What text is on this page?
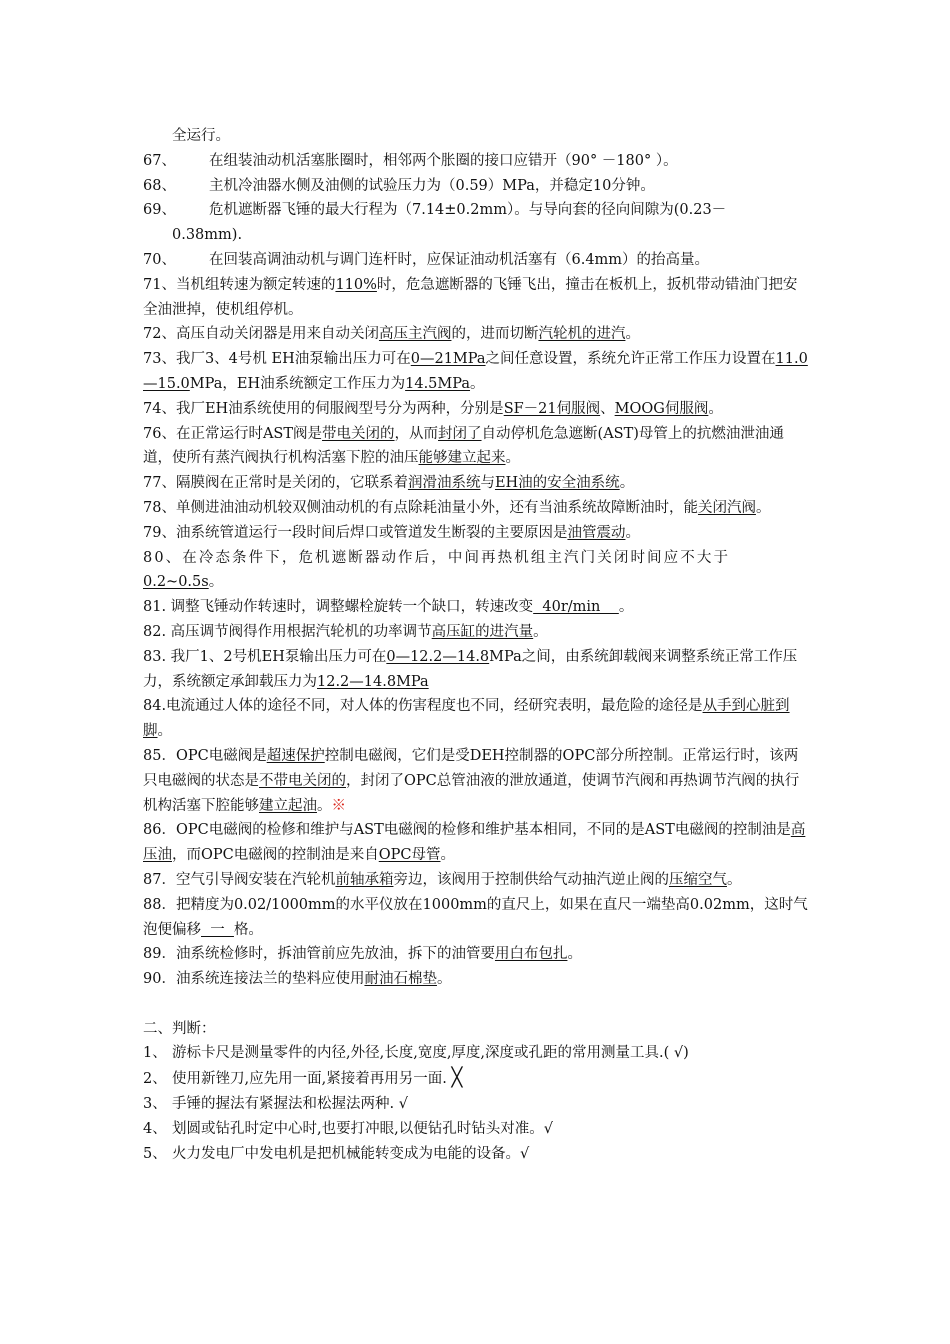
全运行。

67、 在组装油动机活塞胀圈时，相邻两个胀圈的接口应错开（90° －180° ）。

68、 主机冷油器水侧及油侧的试验压力为（0.59）MPa，并稳定10分钟。

69、 危机遮断器飞锤的最大行程为（7.14±0.2mm）。与导向套的径向间隙为(0.23－

0.38mm).

70、 在回装高调油动机与调门连杆时，应保证油动机活塞有（6.4mm）的抬高量。

71、当机组转速为额定转速的110%时，危急遮断器的飞锤飞出，撞击在板机上，扳机带动错油门把安全油泄掉，使机组停机。

72、高压自动关闭器是用来自动关闭高压主汽阀的，进而切断汽轮机的进汽。

73、我厂3、4号机 EH油泵输出压力可在0—21MPa之间任意设置，系统允许正常工作压力设置在11.0—15.0MPa，EH油系统额定工作压力为14.5MPa。

74、我厂EH油系统使用的伺服阀型号分为两种，分别是SF－21伺服阀、MOOG伺服阀。

76、在正常运行时AST阀是带电关闭的，从而封闭了自动停机危急遮断(AST)母管上的抗燃油泄油通道，使所有蒸汽阀执行机构活塞下腔的油压能够建立起来。

77、隔膜阀在正常时是关闭的，它联系着润滑油系统与EH油的安全油系统。

78、单侧进油油动机较双侧油动机的有点除耗油量小外，还有当油系统故障断油时，能关闭汽阀。

79、油系统管道运行一段时间后焊口或管道发生断裂的主要原因是油管震动。

80、在冷态条件下，危机遮断器动作后，中间再热机组主汽门关闭时间应不大于0.2~0.5s。

81. 调整飞锤动作转速时，调整螺栓旋转一个缺口，转速改变  40r/min    。

82. 高压调节阀得作用根据汽轮机的功率调节高压缸的进汽量。

83. 我厂1、2号机EH泵输出压力可在0—12.2—14.8MPa之间，由系统卸载阀来调整系统正常工作压力，系统额定承卸载压力为12.2—14.8MPa

84.电流通过人体的途径不同，对人体的伤害程度也不同，经研究表明，最危险的途径是从手到心脏到脚。

85．OPC电磁阀是超速保护控制电磁阀，它们是受DEH控制器的OPC部分所控制。正常运行时，该两只电磁阀的状态是不带电关闭的，封闭了OPC总管油液的泄放通道，使调节汽阀和再热调节汽阀的执行机构活塞下腔能够建立起油。※

86．OPC电磁阀的检修和维护与AST电磁阀的检修和维护基本相同，不同的是AST电磁阀的控制油是高压油，而OPC电磁阀的控制油是来自OPC母管。

87．空气引导阀安装在汽轮机前轴承箱旁边，该阀用于控制供给气动抽汽逆止阀的压缩空气。

88．把精度为0.02/1000mm的水平仪放在1000mm的直尺上，如果在直尺一端垫高0.02mm，这时气泡便偏移  一  格。

89．油系统检修时，拆油管前应先放油，拆下的油管要用白布包扎。

90．油系统连接法兰的垫料应使用耐油石棉垫。

二、判断：

1、 游标卡尺是测量零件的内径,外径,长度,宽度,厚度,深度或孔距的常用测量工具.( √)

2、 使用新锉刀,应先用一面,紧接着再用另一面. ╳

3、 手锤的握法有紧握法和松握法两种. √

4、 划圆或钻孔时定中心时,也要打冲眼,以便钻孔时钻头对准。√

5、 火力发电厂中发电机是把机械能转变成为电能的设备。√
